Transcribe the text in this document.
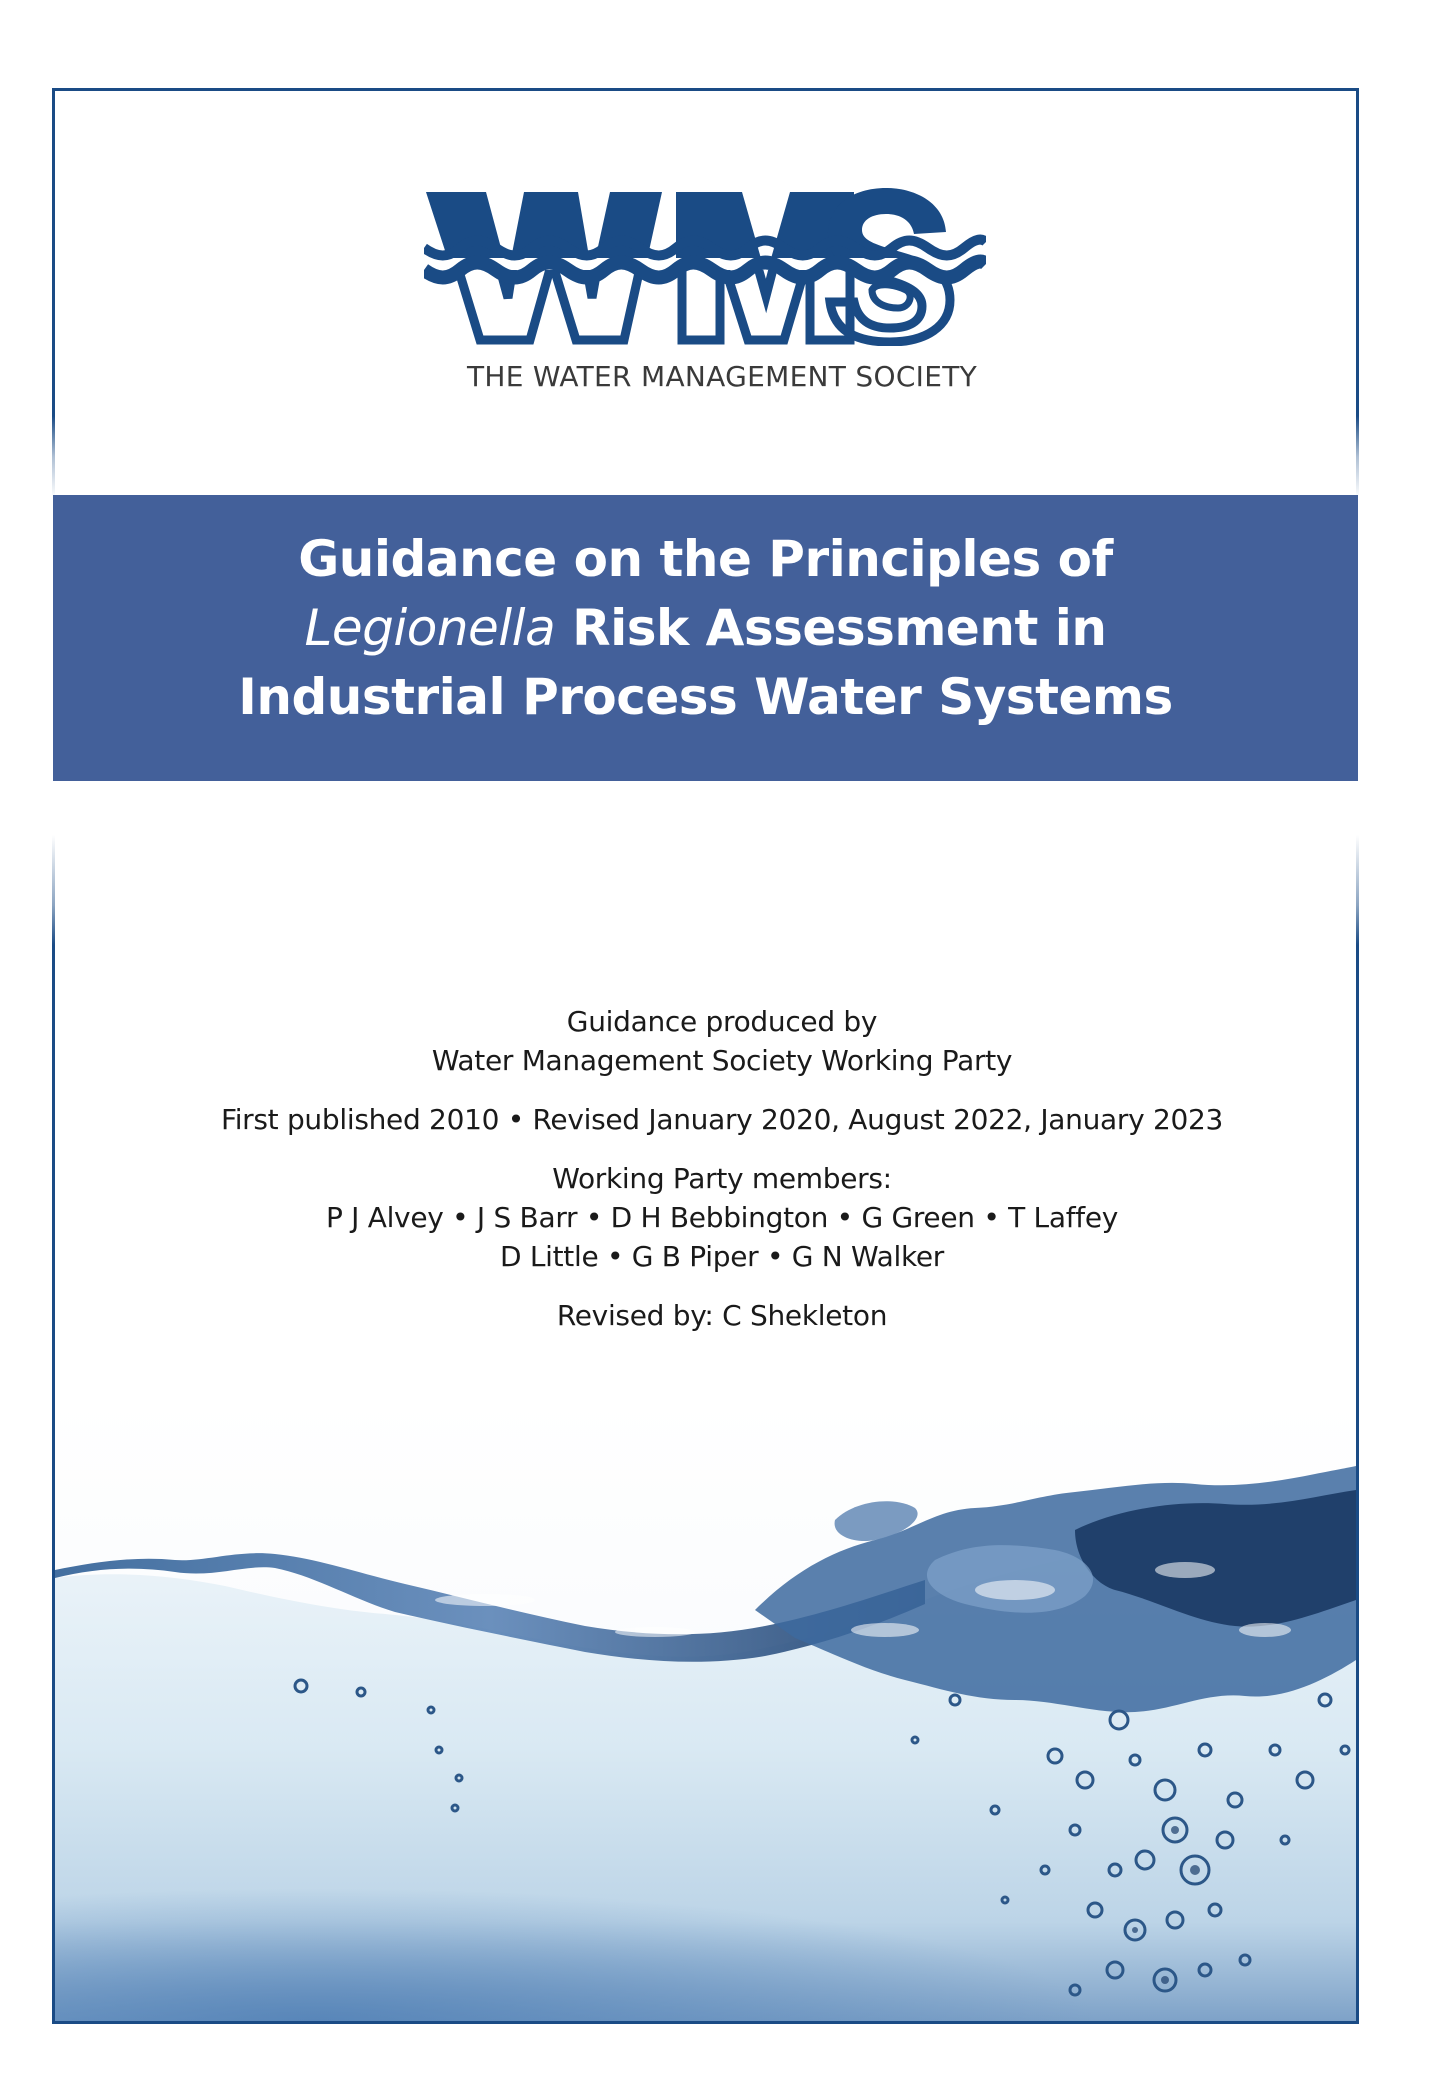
THE WATER MANAGEMENT SOCIETY
Guidance on the Principles of
Legionella Risk Assessment in
Industrial Process Water Systems
Guidance produced by
Water Management Society Working Party
First published 2010 • Revised January 2020, August 2022, January 2023
Working Party members:
P J Alvey • J S Barr • D H Bebbington • G Green • T Laffey
D Little • G B Piper • G N Walker
Revised by: C Shekleton
